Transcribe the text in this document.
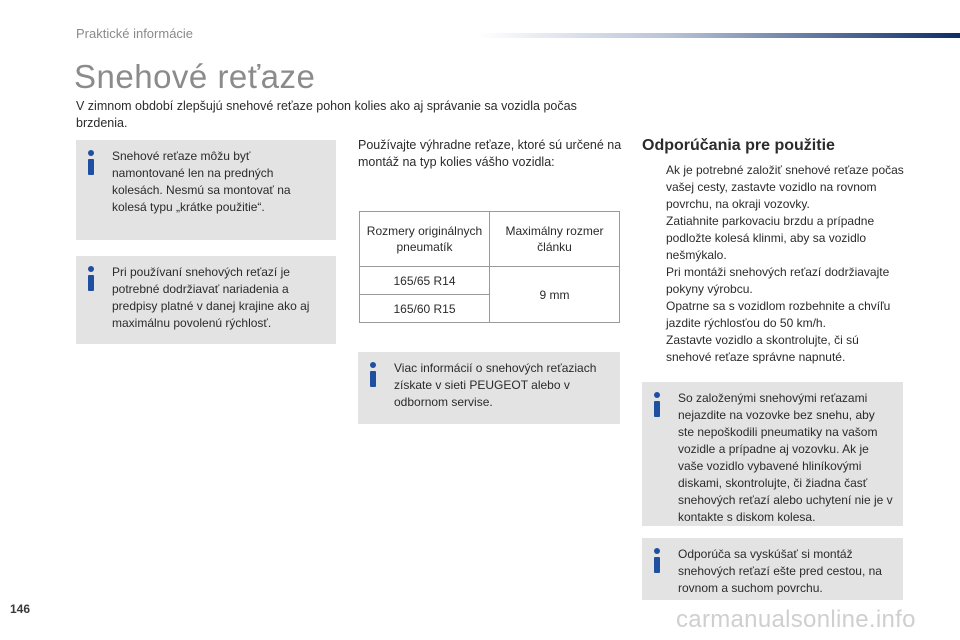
Praktické informácie
Snehové reťaze

V zimnom období zlepšujú snehové reťaze pohon kolies ako aj správanie sa vozidla počas brzdenia.

Snehové reťaze môžu byť namontované len na predných kolesách. Nesmú sa montovať na kolesá typu „krátke použitie“.
Pri používaní snehových reťazí je potrebné dodržiavať nariadenia a predpisy platné v danej krajine ako aj maximálnu povolenú rýchlosť.

Používajte výhradne reťaze, ktoré sú určené na montáž na typ kolies vášho vozidla:

Rozmery originálnych pneumatík	Maximálny rozmer článku
165/65 R14	9 mm
165/60 R15	
Viac informácií o snehových reťaziach získate v sieti PEUGEOT alebo v odbornom servise.
Odporúčania pre použitie
Ak je potrebné založiť snehové reťaze počas vašej cesty, zastavte vozidlo na rovnom povrchu, na okraji vozovky.
Zatiahnite parkovaciu brzdu a prípadne podložte kolesá klinmi, aby sa vozidlo nešmýkalo.
Pri montáži snehových reťazí dodržiavajte pokyny výrobcu.
Opatrne sa s vozidlom rozbehnite a chvíľu jazdite rýchlosťou do 50 km/h.
Zastavte vozidlo a skontrolujte, či sú snehové reťaze správne napnuté.
So založenými snehovými reťazami nejazdite na vozovke bez snehu, aby ste nepoškodili pneumatiky na vašom vozidle a prípadne aj vozovku. Ak je vaše vozidlo vybavené hliníkovými diskami, skontrolujte, či žiadna časť snehových reťazí alebo uchytení nie je v kontakte s diskom kolesa.
Odporúča sa vyskúšať si montáž snehových reťazí ešte pred cestou, na rovnom a suchom povrchu.
146	carmanualsonline.info
